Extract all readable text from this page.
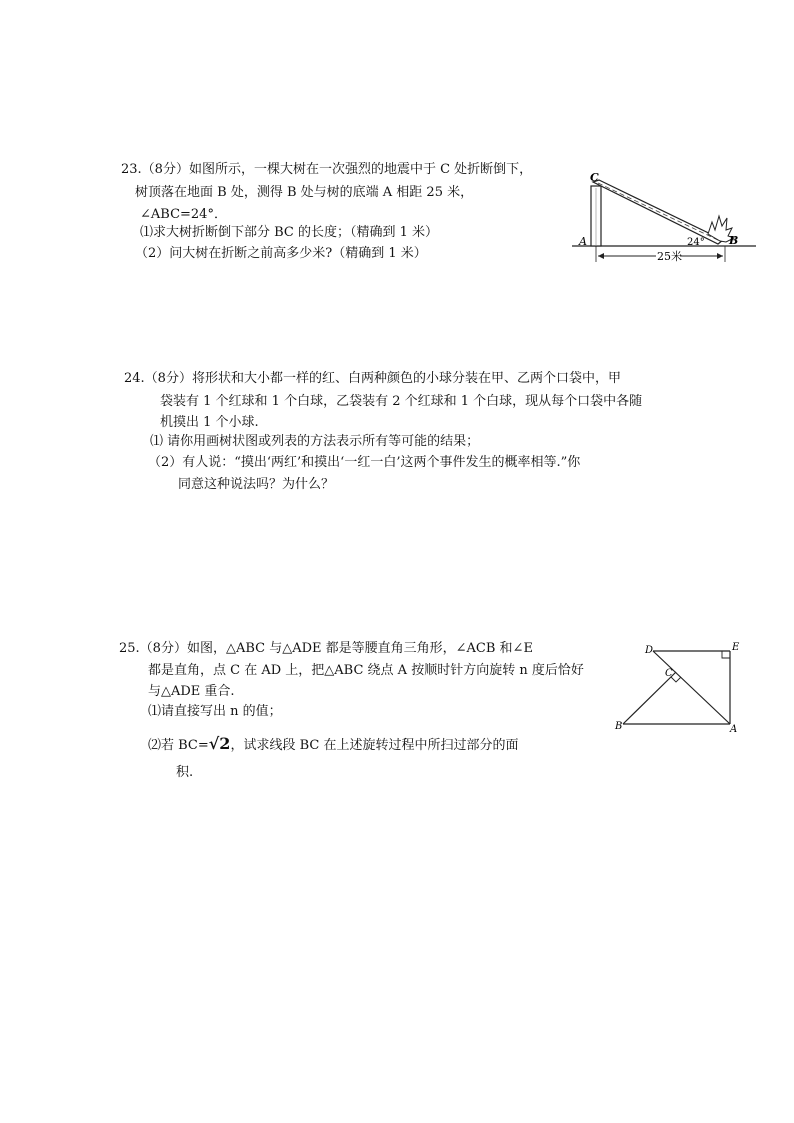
23.（8分）如图所示，一棵大树在一次强烈的地震中于 C 处折断倒下，
树顶落在地面 B 处，测得 B 处与树的底端 A 相距 25 米，
∠ABC=24°．
⑴求大树折断倒下部分 BC 的长度；（精确到 1 米）
（2）问大树在折断之前高多少米?（精确到 1 米）
C
A	B
24°
25米
24.（8分）将形状和大小都一样的红、白两种颜色的小球分装在甲、乙两个口袋中，甲
袋装有 1 个红球和 1 个白球，乙袋装有 2 个红球和 1 个白球，现从每个口袋中各随
机摸出 1 个小球.
⑴ 请你用画树状图或列表的方法表示所有等可能的结果；
（2）有人说：“摸出‘两红’和摸出‘一红一白’这两个事件发生的概率相等.”你
同意这种说法吗？为什么？
25.（8分）如图，△ABC 与△ADE 都是等腰直角三角形，∠ACB 和∠E
都是直角，点 C 在 AD 上，把△ABC 绕点 A 按顺时针方向旋转 n 度后恰好
与△ADE 重合.
⑴请直接写出 n 的值；
⑵若 BC=√2，试求线段 BC 在上述旋转过程中所扫过部分的面
积.
D	E
C
B	A
